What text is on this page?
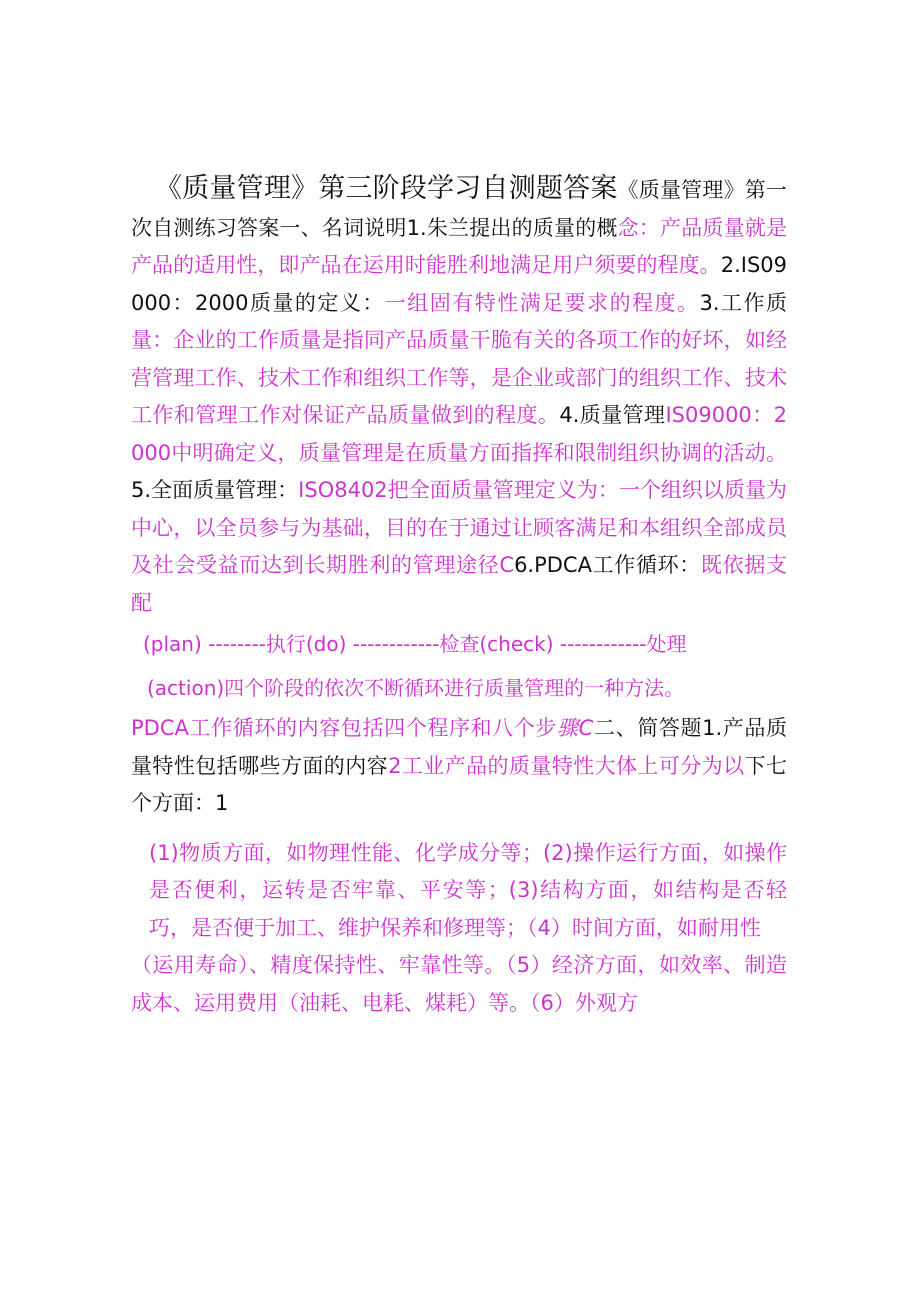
《质量管理》第三阶段学习自测题答案《质量管理》第一次自测练习答案一、名词说明1.朱兰提出的质量的概念：产品质量就是产品的适用性，即产品在运用时能胜利地满足用户须要的程度。2.IS09000：2000质量的定义：一组固有特性满足要求的程度。3.工作质量：企业的工作质量是指同产品质量干脆有关的各项工作的好坏，如经营管理工作、技术工作和组织工作等，是企业或部门的组织工作、技术工作和管理工作对保证产品质量做到的程度。4.质量管理IS09000：2000中明确定义，质量管理是在质量方面指挥和限制组织协调的活动。5.全面质量管理：ISO8402把全面质量管理定义为：一个组织以质量为中心，以全员参与为基础，目的在于通过让顾客满足和本组织全部成员及社会受益而达到长期胜利的管理途径C6.PDCA工作循环：既依据支配

(plan) --------执行(do) ------------检查(check) ------------处理

(action)四个阶段的依次不断循环进行质量管理的一种方法。

PDCA工作循环的内容包括四个程序和八个步骤C二、简答题1.产品质量特性包括哪些方面的内容2工业产品的质量特性大体上可分为以下七个方面：1

(1)物质方面，如物理性能、化学成分等；(2)操作运行方面，如操作是否便利，运转是否牢靠、平安等；(3)结构方面，如结构是否轻巧，是否便于加工、维护保养和修理等；（4）时间方面，如耐用性

（运用寿命）、精度保持性、牢靠性等。（5）经济方面，如效率、制造成本、运用费用（油耗、电耗、煤耗）等。（6）外观方
